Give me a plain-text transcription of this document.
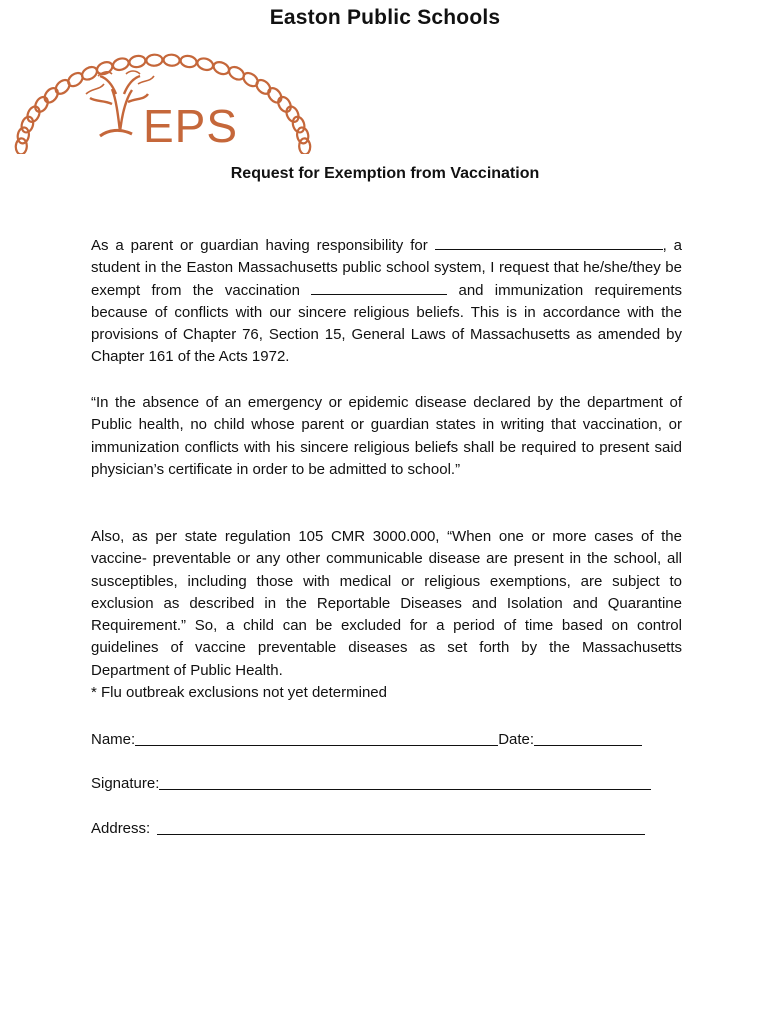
Easton Public Schools
EPS
Request for Exemption from Vaccination

As a parent or guardian having responsibility for	, a student in the Easton Massachusetts public school system, I request that he/she/they be exempt from the vaccination	and immunization requirements because of conflicts with our sincere religious beliefs. This is in accordance with the provisions of Chapter 76, Section 15, General Laws of Massachusetts as amended by Chapter 161 of the Acts 1972.

“In the absence of an emergency or epidemic disease declared by the department of Public health, no child whose parent or guardian states in writing that vaccination, or immunization conflicts with his sincere religious beliefs shall be required to present said physician’s certificate in order to be admitted to school.”

Also, as per state regulation 105 CMR 3000.000, “When one or more cases of the vaccine- preventable or any other communicable disease are present in the school, all susceptibles, including those with medical or religious exemptions, are subject to exclusion as described in the Reportable Diseases and Isolation and Quarantine Requirement.” So, a child can be excluded for a period of time based on control guidelines of vaccine preventable diseases as set forth by the Massachusetts Department of Public Health.

* Flu outbreak exclusions not yet determined

Name:	Date:
Signature:
Address:
